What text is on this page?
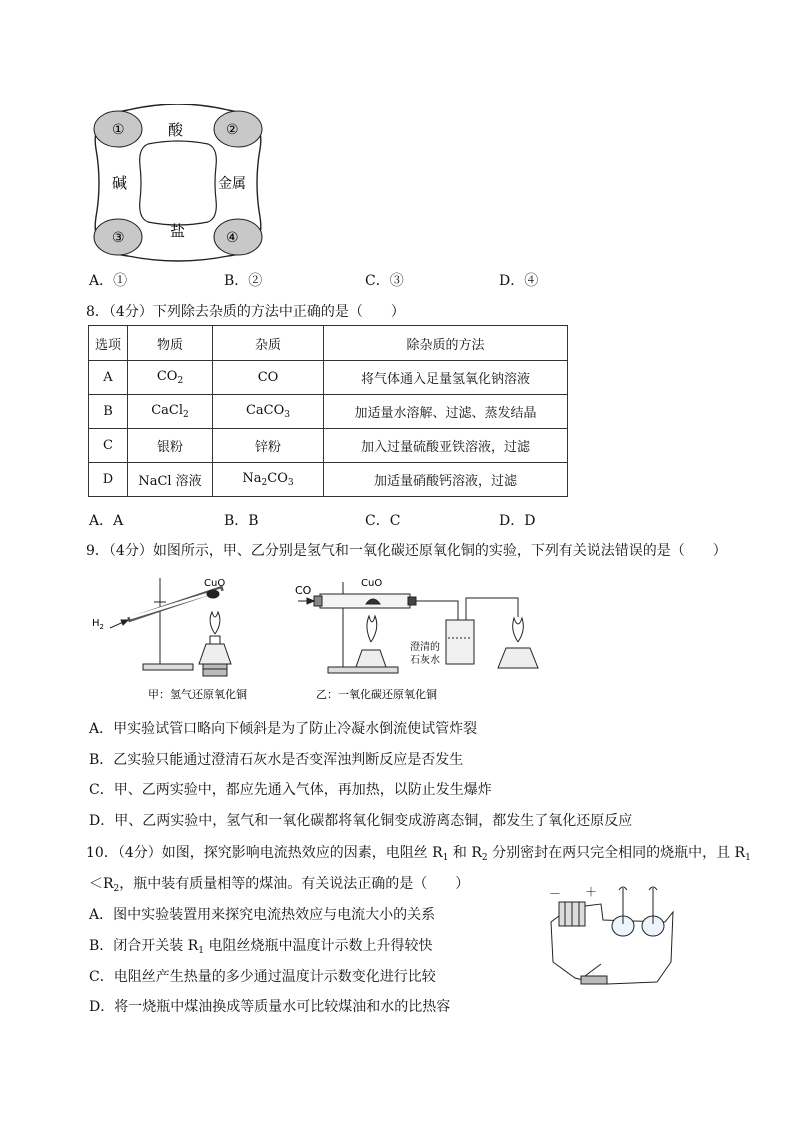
①	②
③	④
酸
碱	金属
盐
A．①	B．②	C．③	D．④
8．（4分）下列除去杂质的方法中正确的是（　　）
选项	物质	杂质	除杂质的方法
A	$CO_2$	CO	将气体通入足量氢氧化钠溶液
B	CaCl$_2$	CaCO$_3$	加适量水溶解、过滤、蒸发结晶
C	银粉	锌粉	加入过量硫酸亚铁溶液，过滤
D	NaCl 溶液	$Na_2CO_3$	加适量硝酸钙溶液，过滤
A．A	B．B	C．C	D．D
9．（4分）如图所示，甲、乙分别是氢气和一氧化碳还原氧化铜的实验，下列有关说法错误的是（　　）
$H_2$
CuO
甲：氢气还原氧化铜
CO
CuO
澄清的
石灰水
乙：一氧化碳还原氧化铜
A．甲实验试管口略向下倾斜是为了防止冷凝水倒流使试管炸裂
B．乙实验只能通过澄清石灰水是否变浑浊判断反应是否发生
C．甲、乙两实验中，都应先通入气体，再加热，以防止发生爆炸
D．甲、乙两实验中，氢气和一氧化碳都将氧化铜变成游离态铜，都发生了氧化还原反应
10．（4分）如图，探究影响电流热效应的因素，电阻丝 $R_1$ 和 $R_2$ 分别密封在两只完全相同的烧瓶中，且 $R_1$
$<R_2$，瓶中装有质量相等的煤油。有关说法正确的是（　　）
A．图中实验装置用来探究电流热效应与电流大小的关系
B．闭合开关装 $R_1$ 电阻丝烧瓶中温度计示数上升得较快
C．电阻丝产生热量的多少通过温度计示数变化进行比较
D．将一烧瓶中煤油换成等质量水可比较煤油和水的比热容
－ ＋
